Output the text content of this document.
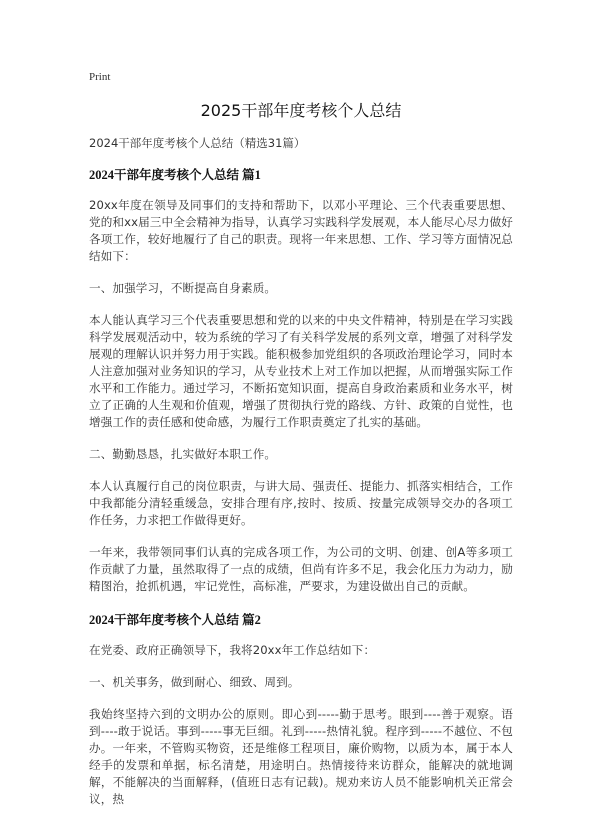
Print
2025干部年度考核个人总结

2024干部年度考核个人总结（精选31篇）

2024干部年度考核个人总结 篇1

20xx年度在领导及同事们的支持和帮助下，以邓小平理论、三个代表重要思想、党的和xx届三中全会精神为指导，认真学习实践科学发展观，本人能尽心尽力做好各项工作，较好地履行了自己的职责。现将一年来思想、工作、学习等方面情况总结如下：

一、加强学习，不断提高自身素质。

本人能认真学习三个代表重要思想和党的以来的中央文件精神，特别是在学习实践科学发展观活动中，较为系统的学习了有关科学发展的系列文章，增强了对科学发展观的理解认识并努力用于实践。能积极参加党组织的各项政治理论学习，同时本人注意加强对业务知识的学习，从专业技术上对工作加以把握，从而增强实际工作水平和工作能力。通过学习，不断拓宽知识面，提高自身政治素质和业务水平，树立了正确的人生观和价值观，增强了贯彻执行党的路线、方针、政策的自觉性，也增强工作的责任感和使命感，为履行工作职责奠定了扎实的基础。

二、勤勤恳恳，扎实做好本职工作。

本人认真履行自己的岗位职责，与讲大局、强责任、提能力、抓落实相结合，工作中我都能分清轻重缓急，安排合理有序,按时、按质、按量完成领导交办的各项工作任务，力求把工作做得更好。

一年来，我带领同事们认真的完成各项工作，为公司的文明、创建、创A等多项工作贡献了力量，虽然取得了一点的成绩，但尚有许多不足，我会化压力为动力，励精图治，抢抓机遇，牢记党性，高标准，严要求，为建设做出自己的贡献。

2024干部年度考核个人总结 篇2

在党委、政府正确领导下，我将20xx年工作总结如下：

一、机关事务，做到耐心、细致、周到。

我始终坚持六到的文明办公的原则。即心到-----勤于思考。眼到----善于观察。语到----敢于说话。事到-----事无巨细。礼到-----热情礼貌。程序到-----不越位、不包办。一年来，不管购买物资，还是维修工程项目，廉价购物，以质为本，属于本人经手的发票和单据，标名清楚，用途明白。热情接待来访群众，能解决的就地调解，不能解决的当面解释，(值班日志有记载)。规劝来访人员不能影响机关正常会议，热
